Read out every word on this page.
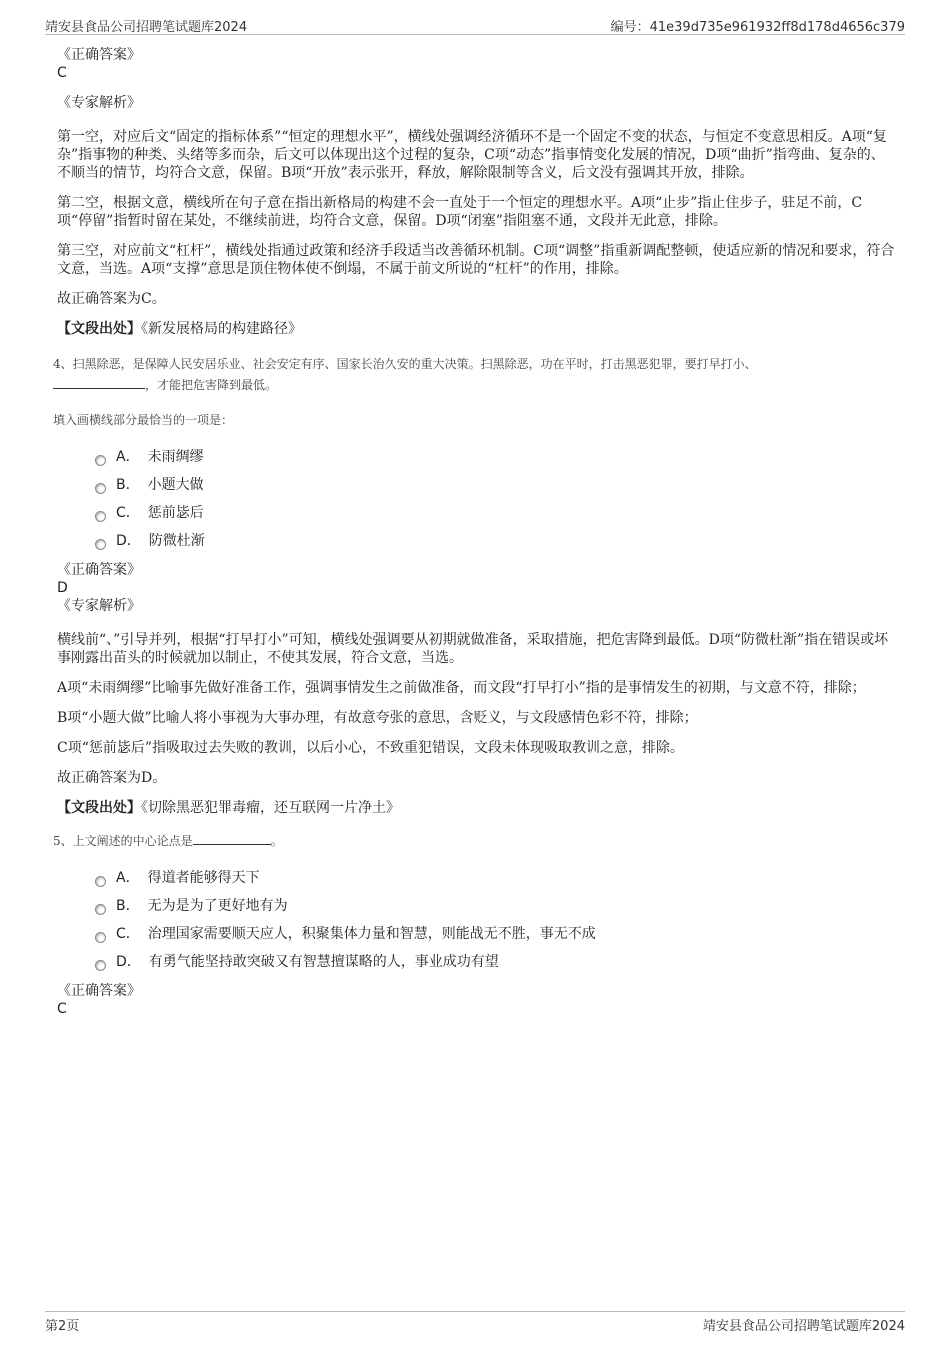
靖安县食品公司招聘笔试题库2024	编号：41e39d735e961932ff8d178d4656c379

《正确答案》

C

《专家解析》

第一空，对应后文“固定的指标体系”“恒定的理想水平”，横线处强调经济循环不是一个固定不变的状态，与恒定不变意思相反。A项“复杂”指事物的种类、头绪等多而杂，后文可以体现出这个过程的复杂，C项“动态”指事情变化发展的情况，D项“曲折”指弯曲、复杂的、不顺当的情节，均符合文意，保留。B项“开放”表示张开，释放，解除限制等含义，后文没有强调其开放，排除。

第二空，根据文意，横线所在句子意在指出新格局的构建不会一直处于一个恒定的理想水平。A项“止步”指止住步子，驻足不前，C项“停留”指暂时留在某处，不继续前进，均符合文意，保留。D项“闭塞”指阻塞不通，文段并无此意，排除。

第三空，对应前文“杠杆”，横线处指通过政策和经济手段适当改善循环机制。C项“调整”指重新调配整顿，使适应新的情况和要求，符合文意，当选。A项“支撑”意思是顶住物体使不倒塌，不属于前文所说的“杠杆”的作用，排除。

故正确答案为C。

【文段出处】《新发展格局的构建路径》

4、扫黑除恶，是保障人民安居乐业、社会安定有序、国家长治久安的重大决策。扫黑除恶，功在平时，打击黑恶犯罪，要打早打小、
，才能把危害降到最低。

填入画横线部分最恰当的一项是：

A． 未雨绸缪
B． 小题大做
C． 惩前毖后
D． 防微杜渐

《正确答案》

D

《专家解析》

横线前“、”引导并列，根据“打早打小”可知，横线处强调要从初期就做准备，采取措施，把危害降到最低。D项“防微杜渐”指在错误或坏事刚露出苗头的时候就加以制止，不使其发展，符合文意，当选。

A项“未雨绸缪”比喻事先做好准备工作，强调事情发生之前做准备，而文段“打早打小”指的是事情发生的初期，与文意不符，排除；

B项“小题大做”比喻人将小事视为大事办理，有故意夸张的意思，含贬义，与文段感情色彩不符，排除；

C项“惩前毖后”指吸取过去失败的教训，以后小心，不致重犯错误，文段未体现吸取教训之意，排除。

故正确答案为D。

【文段出处】《切除黑恶犯罪毒瘤，还互联网一片净土》

5、上文阐述的中心论点是	。

A． 得道者能够得天下
B． 无为是为了更好地有为
C． 治理国家需要顺天应人，积聚集体力量和智慧，则能战无不胜，事无不成
D． 有勇气能坚持敢突破又有智慧擅谋略的人，事业成功有望

《正确答案》

C

第2页	靖安县食品公司招聘笔试题库2024
